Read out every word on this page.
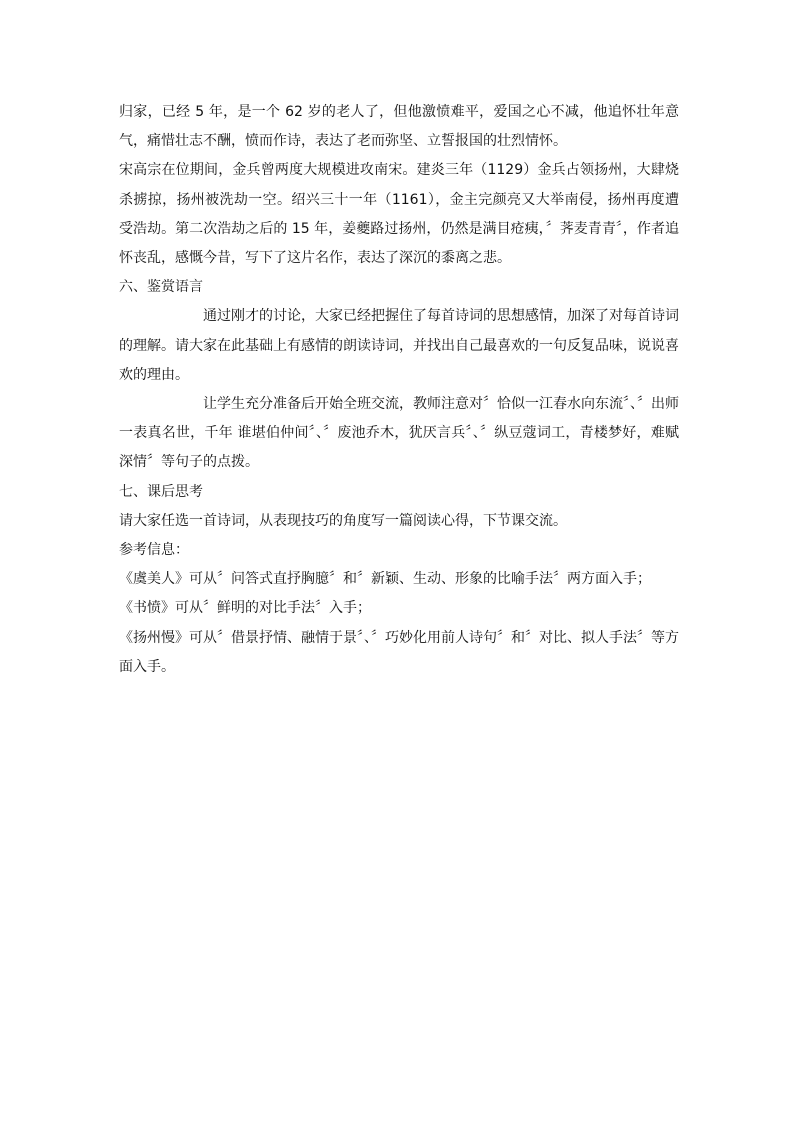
归家，已经 5 年，是一个 62 岁的老人了，但他激愤难平，爱国之心不减，他追怀壮年意气，痛惜壮志不酬，愤而作诗，表达了老而弥坚、立誓报国的壮烈情怀。

宋高宗在位期间，金兵曾两度大规模进攻南宋。建炎三年（1129）金兵占领扬州，大肆烧杀掳掠，扬州被洗劫一空。绍兴三十一年（1161），金主完颜亮又大举南侵，扬州再度遭受浩劫。第二次浩劫之后的 15 年，姜夔路过扬州，仍然是满目疮痍，〞荠麦青青〞，作者追怀丧乱，感慨今昔，写下了这片名作，表达了深沉的黍离之悲。

六、鉴赏语言

通过刚才的讨论，大家已经把握住了每首诗词的思想感情，加深了对每首诗词的理解。请大家在此基础上有感情的朗读诗词，并找出自己最喜欢的一句反复品味，说说喜欢的理由。

让学生充分准备后开始全班交流，教师注意对〞恰似一江春水向东流〞、〞出师一表真名世，千年 谁堪伯仲间〞、〞废池乔木，犹厌言兵〞、〞纵豆蔻词工，青楼梦好，难赋深情〞等句子的点拨。

七、课后思考

请大家任选一首诗词，从表现技巧的角度写一篇阅读心得，下节课交流。

参考信息：

《虞美人》可从〞问答式直抒胸臆〞和〞新颖、生动、形象的比喻手法〞两方面入手；

《书愤》可从〞鲜明的对比手法〞入手；

《扬州慢》可从〞借景抒情、融情于景〞、〞巧妙化用前人诗句〞和〞对比、拟人手法〞等方面入手。
